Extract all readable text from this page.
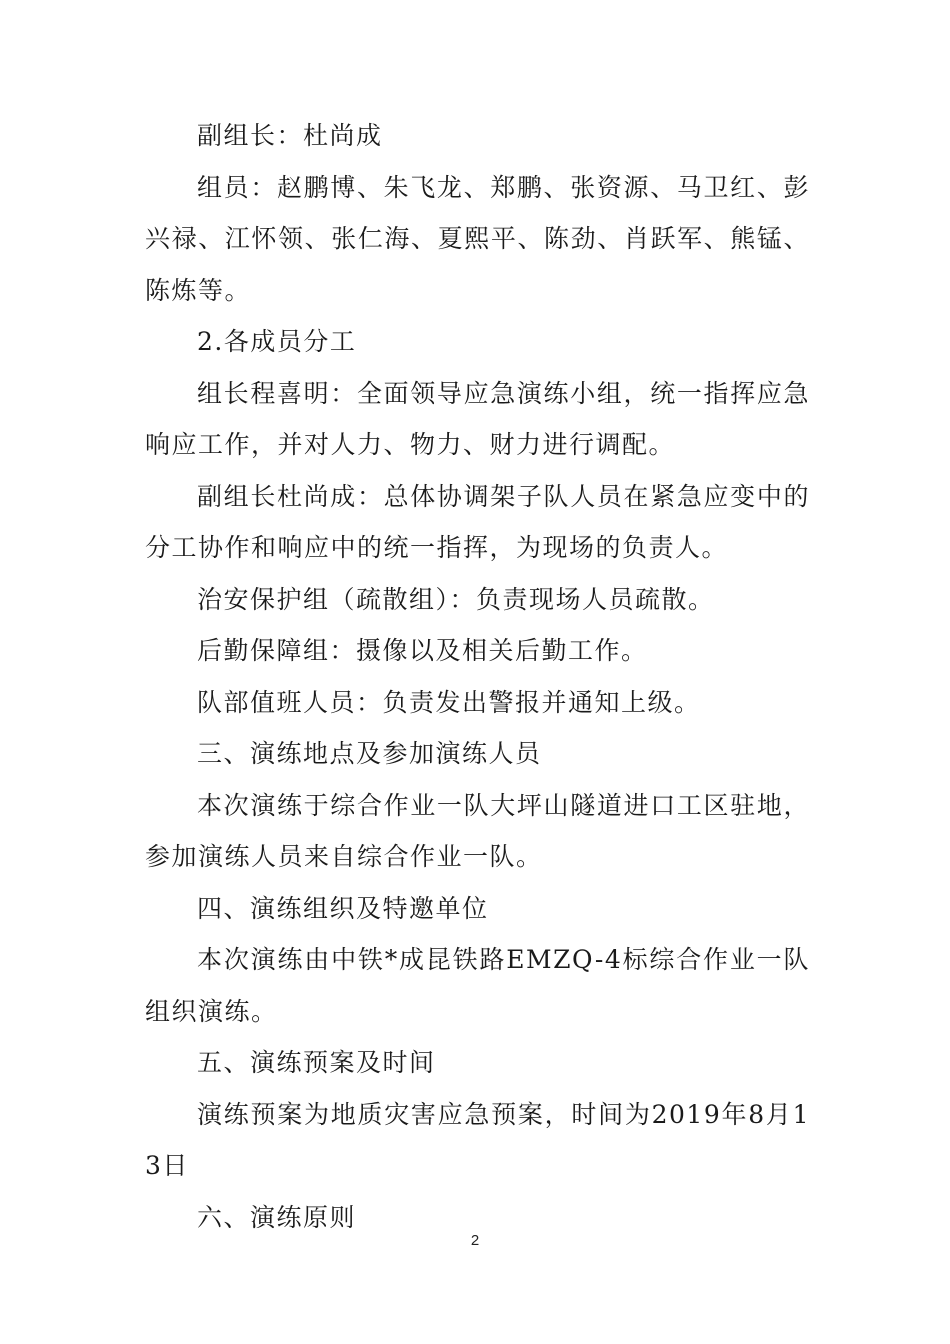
副组长：杜尚成

组员：赵鹏博、朱飞龙、郑鹏、张资源、马卫红、彭兴禄、江怀领、张仁海、夏熙平、陈劲、肖跃军、熊锰、陈炼等。

2.各成员分工

组长程喜明：全面领导应急演练小组，统一指挥应急响应工作，并对人力、物力、财力进行调配。

副组长杜尚成：总体协调架子队人员在紧急应变中的分工协作和响应中的统一指挥，为现场的负责人。

治安保护组（疏散组）：负责现场人员疏散。

后勤保障组：摄像以及相关后勤工作。

队部值班人员：负责发出警报并通知上级。

三、演练地点及参加演练人员

本次演练于综合作业一队大坪山隧道进口工区驻地，参加演练人员来自综合作业一队。

四、演练组织及特邀单位

本次演练由中铁*成昆铁路EMZQ-4标综合作业一队组织演练。

五、演练预案及时间

演练预案为地质灾害应急预案，时间为2019年8月13日

六、演练原则

2
